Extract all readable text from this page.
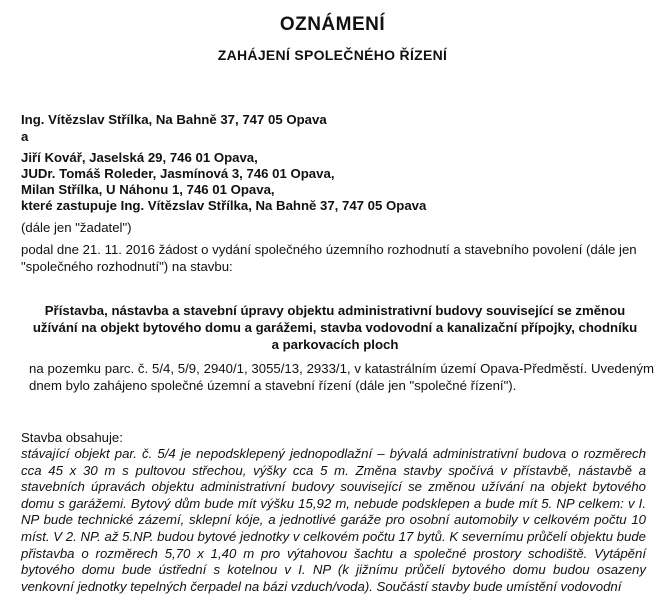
OZNÁMENÍ
ZAHÁJENÍ SPOLEČNÉHO ŘÍZENÍ
Ing. Vítězslav Střílka, Na Bahně 37, 747 05 Opava
a
Jiří Kovář, Jaselská 29, 746 01 Opava,
JUDr. Tomáš Roleder, Jasmínová 3, 746 01 Opava,
Milan Střílka, U Náhonu 1, 746 01 Opava,
které zastupuje Ing. Vítězslav Střílka, Na Bahně 37, 747 05 Opava
(dále jen "žadatel")
podal dne 21. 11. 2016 žádost o vydání společného územního rozhodnutí a stavebního povolení (dále jen "společného rozhodnutí") na stavbu:
Přístavba, nástavba a stavební úpravy objektu administrativní budovy související se změnou užívání na objekt bytového domu a garážemi, stavba vodovodní a kanalizační přípojky, chodníku a parkovacích ploch
na pozemku parc. č. 5/4, 5/9, 2940/1, 3055/13, 2933/1, v katastrálním území Opava-Předměstí. Uvedeným dnem bylo zahájeno společné územní a stavební řízení (dále jen "společné řízení").
Stavba obsahuje:
stávající objekt par. č. 5/4 je nepodsklepený jednopodlažní – bývalá administrativní budova o rozměrech cca 45 x 30 m s pultovou střechou, výšky cca 5 m. Změna stavby spočívá v přístavbě, nástavbě a stavebních úpravách objektu administrativní budovy související se změnou užívání na objekt bytového domu s garážemi. Bytový dům bude mít výšku 15,92 m, nebude podsklepen a bude mít 5. NP celkem: v I. NP bude technické zázemí, sklepní kóje, a jednotlivé garáže pro osobní automobily v celkovém počtu 10 míst. V 2. NP. až 5.NP. budou bytové jednotky v celkovém počtu 17 bytů. K severnímu průčelí objektu bude přistavba o rozměrech 5,70 x 1,40 m pro výtahovou šachtu a společné prostory schodiště. Vytápění bytového domu bude ústřední s kotelnou v I. NP (k jižnímu průčelí bytového domu budou osazeny venkovní jednotky tepelných čerpadel na bázi vzduch/voda). Součástí stavby bude umístění vodovodní
